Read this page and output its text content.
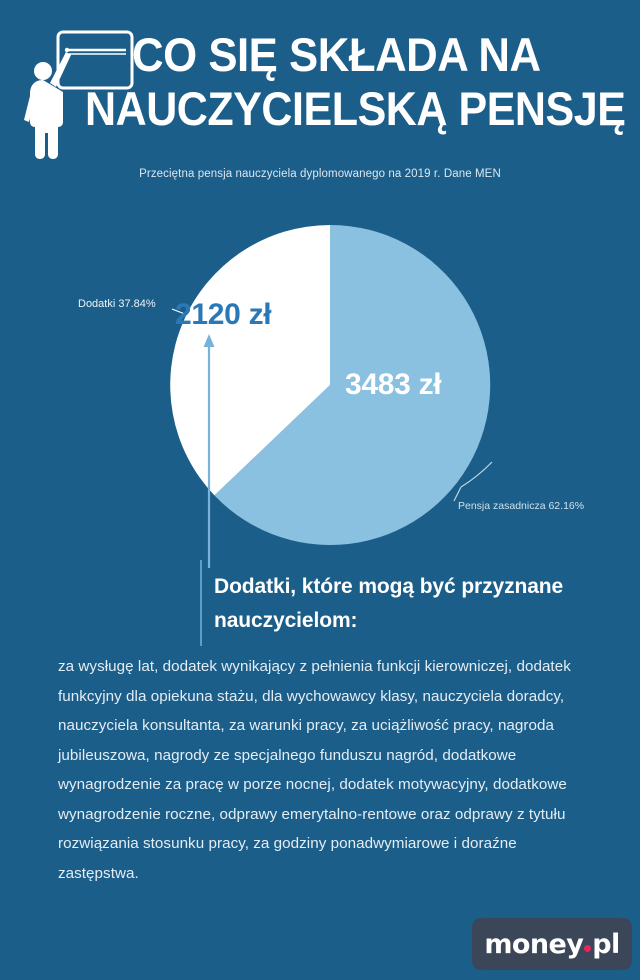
CO SIĘ SKŁADA NA
NAUCZYCIELSKĄ PENSJĘ
Przeciętna pensja nauczyciela dyplomowanego na 2019 r. Dane MEN
Dodatki 37.84% 2120 zł
3483 zł
Pensja zasadnicza 62.16%
Dodatki, które mogą być przyznane nauczycielom:
za wysługę lat, dodatek wynikający z pełnienia funkcji kierowniczej, dodatek funkcyjny dla opiekuna stażu, dla wychowawcy klasy, nauczyciela doradcy, nauczyciela konsultanta, za warunki pracy, za uciążliwość pracy, nagroda jubileuszowa, nagrody ze specjalnego funduszu nagród, dodatkowe wynagrodzenie za pracę w porze nocnej, dodatek motywacyjny, dodatkowe wynagrodzenie roczne, odprawy emerytalno-rentowe oraz odprawy z tytułu rozwiązania stosunku pracy, za godziny ponadwymiarowe i doraźne zastępstwa.
money pl
